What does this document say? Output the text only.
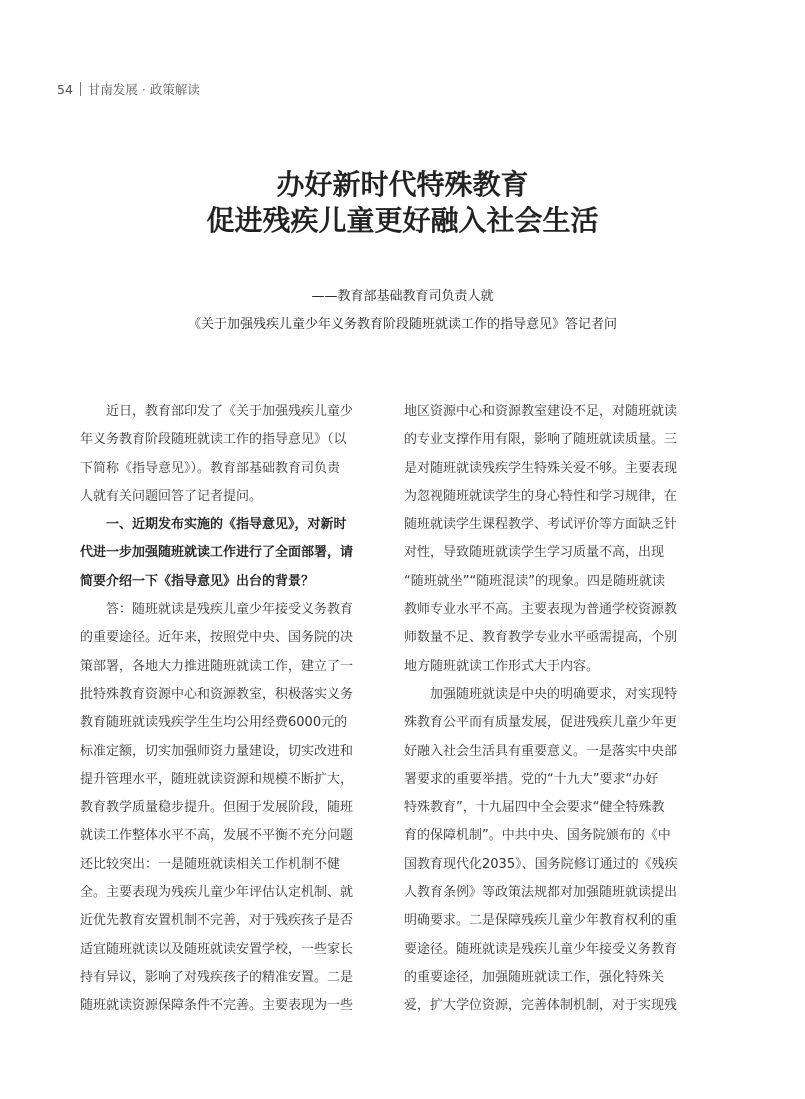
54 甘南发展 · 政策解读
办好新时代特殊教育
促进残疾儿童更好融入社会生活
——教育部基础教育司负责人就
《关于加强残疾儿童少年义务教育阶段随班就读工作的指导意见》答记者问
　　近日，教育部印发了《关于加强残疾儿童少
年义务教育阶段随班就读工作的指导意见》（以
下简称《指导意见》）。教育部基础教育司负责
人就有关问题回答了记者提问。
　　一、近期发布实施的《指导意见》，对新时
代进一步加强随班就读工作进行了全面部署，请
简要介绍一下《指导意见》出台的背景？
　　答：随班就读是残疾儿童少年接受义务教育
的重要途径。近年来，按照党中央、国务院的决
策部署，各地大力推进随班就读工作，建立了一
批特殊教育资源中心和资源教室，积极落实义务
教育随班就读残疾学生生均公用经费6000元的
标准定额，切实加强师资力量建设，切实改进和
提升管理水平，随班就读资源和规模不断扩大，
教育教学质量稳步提升。但囿于发展阶段，随班
就读工作整体水平不高，发展不平衡不充分问题
还比较突出：一是随班就读相关工作机制不健
全。主要表现为残疾儿童少年评估认定机制、就
近优先教育安置机制不完善，对于残疾孩子是否
适宜随班就读以及随班就读安置学校，一些家长
持有异议，影响了对残疾孩子的精准安置。二是
随班就读资源保障条件不完善。主要表现为一些
地区资源中心和资源教室建设不足，对随班就读
的专业支撑作用有限，影响了随班就读质量。三
是对随班就读残疾学生特殊关爱不够。主要表现
为忽视随班就读学生的身心特性和学习规律，在
随班就读学生课程教学、考试评价等方面缺乏针
对性，导致随班就读学生学习质量不高，出现
“随班就坐”“随班混读”的现象。四是随班就读
教师专业水平不高。主要表现为普通学校资源教
师数量不足、教育教学专业水平亟需提高，个别
地方随班就读工作形式大于内容。
　　加强随班就读是中央的明确要求，对实现特
殊教育公平而有质量发展，促进残疾儿童少年更
好融入社会生活具有重要意义。一是落实中央部
署要求的重要举措。党的“十九大”要求“办好
特殊教育”，十九届四中全会要求“健全特殊教
育的保障机制”。中共中央、国务院颁布的《中
国教育现代化2035》、国务院修订通过的《残疾
人教育条例》等政策法规都对加强随班就读提出
明确要求。二是保障残疾儿童少年教育权利的重
要途径。随班就读是残疾儿童少年接受义务教育
的重要途径，加强随班就读工作，强化特殊关
爱，扩大学位资源，完善体制机制，对于实现残
